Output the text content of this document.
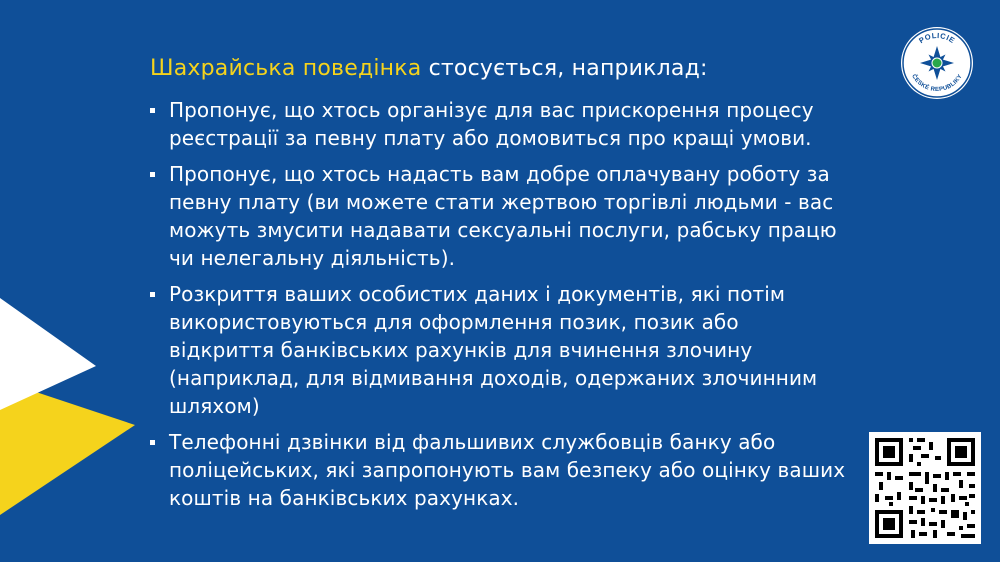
Шахрайська поведінка стосується, наприклад:
Пропонує, що хтось організує для вас прискорення процесу реєстрації за певну плату або домовиться про кращі умови.
Пропонує, що хтось надасть вам добре оплачувану роботу за певну плату (ви можете стати жертвою торгівлі людьми - вас можуть змусити надавати сексуальні послуги, рабську працю чи нелегальну діяльність).
Розкриття ваших особистих даних і документів, які потім використовуються для оформлення позик, позик або відкриття банківських рахунків для вчинення злочину (наприклад, для відмивання доходів, одержаних злочинним шляхом)
Телефонні дзвінки від фальшивих службовців банку або поліцейських, які запропонують вам безпеку або оцінку ваших коштів на банківських рахунках.
POLICIE
ČESKÉ REPUBLIKY
